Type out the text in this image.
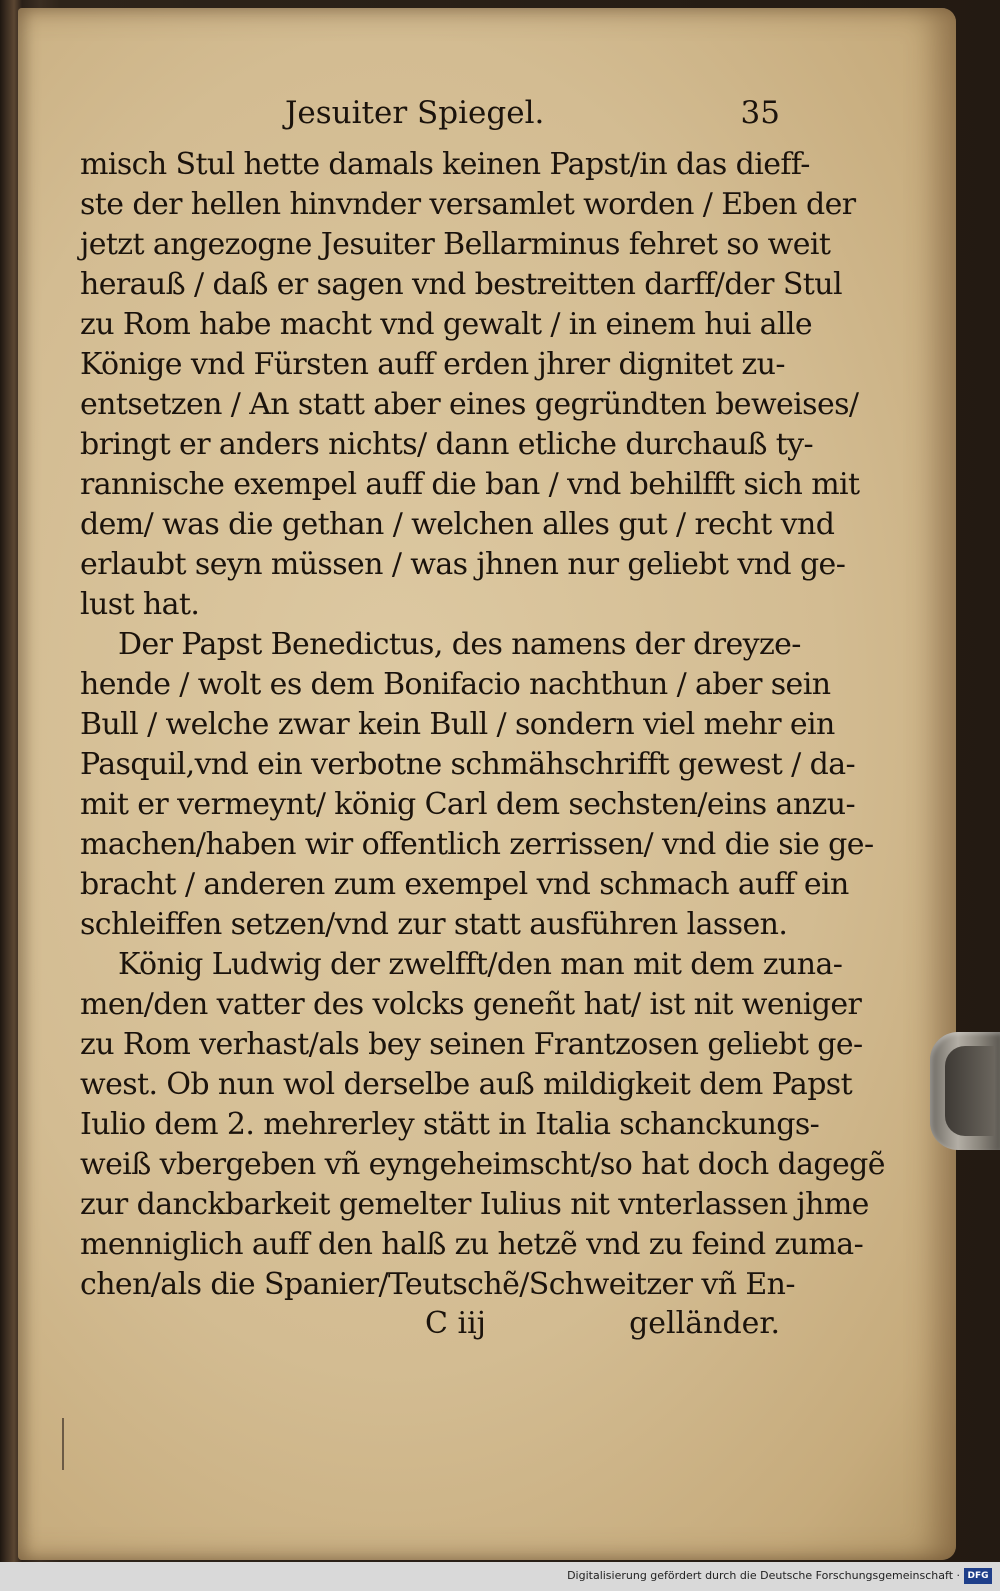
Jesuiter Spiegel.	35
misch Stul hette damals keinen Papst/in das dieff-
ste der hellen hinvnder versamlet worden / Eben der
jetzt angezogne Jesuiter Bellarminus fehret so weit
herauß / daß er sagen vnd bestreitten darff/der Stul
zu Rom habe macht vnd gewalt / in einem hui alle
Könige vnd Fürsten auff erden jhrer dignitet zu-
entsetzen / An statt aber eines gegründten beweises/
bringt er anders nichts/ dann etliche durchauß ty-
rannische exempel auff die ban / vnd behilfft sich mit
dem/ was die gethan / welchen alles gut / recht vnd
erlaubt seyn müssen / was jhnen nur geliebt vnd ge-
lust hat.
Der Papst Benedictus, des namens der dreyze-
hende / wolt es dem Bonifacio nachthun / aber sein
Bull / welche zwar kein Bull / sondern viel mehr ein
Pasquil,vnd ein verbotne schmähschrifft gewest / da-
mit er vermeynt/ könig Carl dem sechsten/eins anzu-
machen/haben wir offentlich zerrissen/ vnd die sie ge-
bracht / anderen zum exempel vnd schmach auff ein
schleiffen setzen/vnd zur statt ausführen lassen.
König Ludwig der zwelfft/den man mit dem zuna-
men/den vatter des volcks geneñt hat/ ist nit weniger
zu Rom verhast/als bey seinen Frantzosen geliebt ge-
west. Ob nun wol derselbe auß mildigkeit dem Papst
Iulio dem 2. mehrerley stätt in Italia schanckungs-
weiß vbergeben vñ eyngeheimscht/so hat doch dagegẽ
zur danckbarkeit gemelter Iulius nit vnterlassen jhme
menniglich auff den halß zu hetzẽ vnd zu feind zuma-
chen/als die Spanier/Teutschẽ/Schweitzer vñ En-
C iij	gelländer.
Digitalisierung gefördert durch die Deutsche Forschungsgemeinschaft · DFG
